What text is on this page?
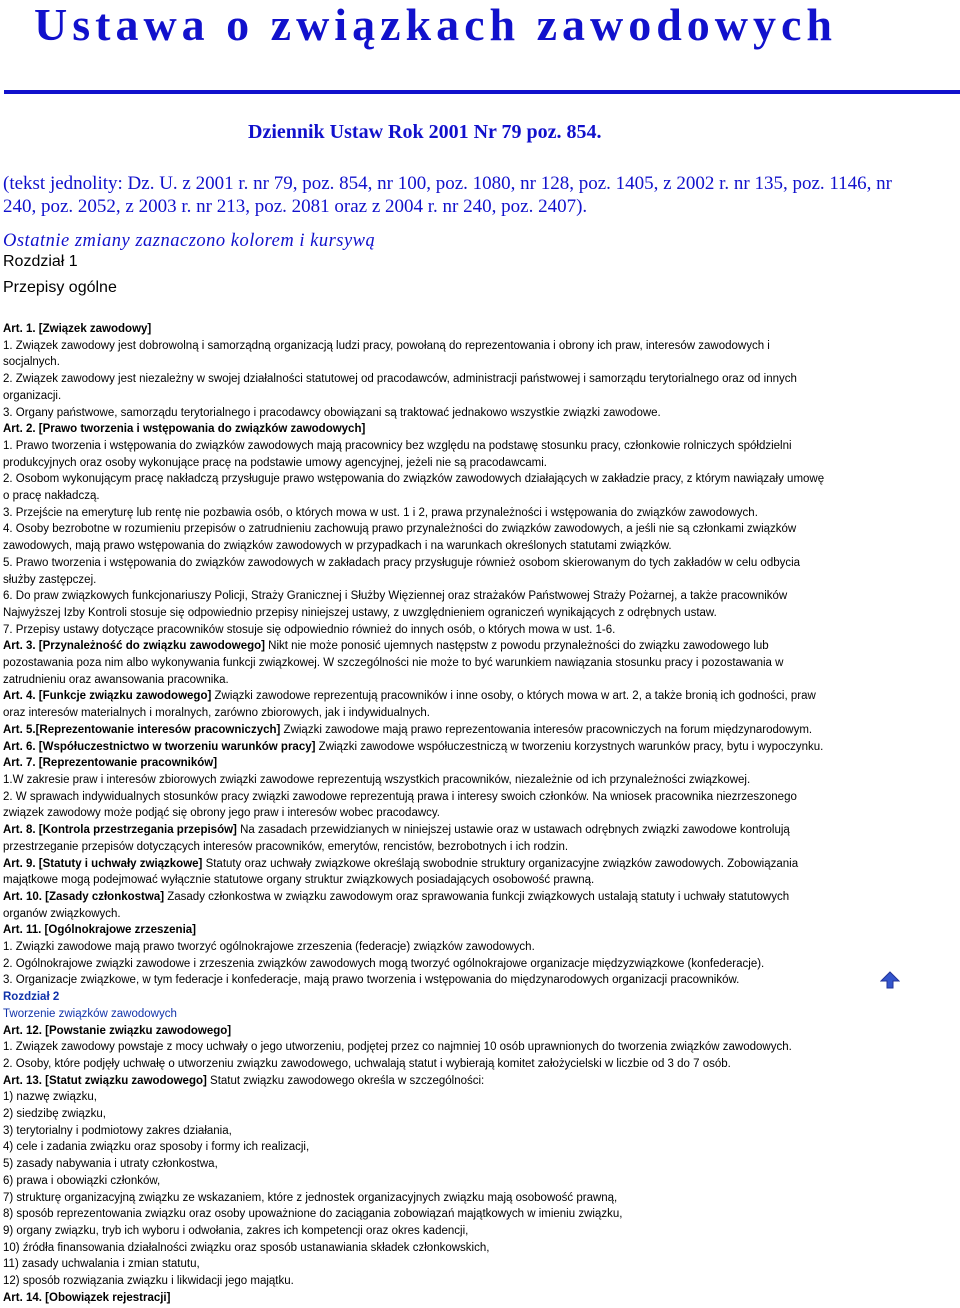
Ustawa o związkach zawodowych
Dziennik Ustaw Rok 2001 Nr 79 poz. 854.
(tekst jednolity: Dz. U. z 2001 r. nr 79, poz. 854, nr 100, poz. 1080, nr 128, poz. 1405, z 2002 r. nr 135, poz. 1146, nr 240, poz. 2052, z 2003 r. nr 213, poz. 2081 oraz z 2004 r. nr 240, poz. 2407).
Ostatnie zmiany zaznaczono kolorem i kursywą
Rozdział 1
Przepisy ogólne
Art. 1. [Związek zawodowy]
1. Związek zawodowy jest dobrowolną i samorządną organizacją ludzi pracy, powołaną do reprezentowania i obrony ich praw, interesów zawodowych i
socjalnych.
2. Związek zawodowy jest niezależny w swojej działalności statutowej od pracodawców, administracji państwowej i samorządu terytorialnego oraz od innych
organizacji.
3. Organy państwowe, samorządu terytorialnego i pracodawcy obowiązani są traktować jednakowo wszystkie związki zawodowe.
Art. 2. [Prawo tworzenia i wstępowania do związków zawodowych]
1. Prawo tworzenia i wstępowania do związków zawodowych mają pracownicy bez względu na podstawę stosunku pracy, członkowie rolniczych spółdzielni
produkcyjnych oraz osoby wykonujące pracę na podstawie umowy agencyjnej, jeżeli nie są pracodawcami.
2. Osobom wykonującym pracę nakładczą przysługuje prawo wstępowania do związków zawodowych działających w zakładzie pracy, z którym nawiązały umowę
o pracę nakładczą.
3. Przejście na emeryturę lub rentę nie pozbawia osób, o których mowa w ust. 1 i 2, prawa przynależności i wstępowania do związków zawodowych.
4. Osoby bezrobotne w rozumieniu przepisów o zatrudnieniu zachowują prawo przynależności do związków zawodowych, a jeśli nie są członkami związków
zawodowych, mają prawo wstępowania do związków zawodowych w przypadkach i na warunkach określonych statutami związków.
5. Prawo tworzenia i wstępowania do związków zawodowych w zakładach pracy przysługuje również osobom skierowanym do tych zakładów w celu odbycia
służby zastępczej.
6. Do praw związkowych funkcjonariuszy Policji, Straży Granicznej i Służby Więziennej oraz strażaków Państwowej Straży Pożarnej, a także pracowników
Najwyższej Izby Kontroli stosuje się odpowiednio przepisy niniejszej ustawy, z uwzględnieniem ograniczeń wynikających z odrębnych ustaw.
7. Przepisy ustawy dotyczące pracowników stosuje się odpowiednio również do innych osób, o których mowa w ust. 1-6.
Art. 3. [Przynależność do związku zawodowego] Nikt nie może ponosić ujemnych następstw z powodu przynależności do związku zawodowego lub
pozostawania poza nim albo wykonywania funkcji związkowej. W szczególności nie może to być warunkiem nawiązania stosunku pracy i pozostawania w
zatrudnieniu oraz awansowania pracownika.
Art. 4. [Funkcje związku zawodowego] Związki zawodowe reprezentują pracowników i inne osoby, o których mowa w art. 2, a także bronią ich godności, praw
oraz interesów materialnych i moralnych, zarówno zbiorowych, jak i indywidualnych.
Art. 5.[Reprezentowanie interesów pracowniczych] Związki zawodowe mają prawo reprezentowania interesów pracowniczych na forum międzynarodowym.
Art. 6. [Współuczestnictwo w tworzeniu warunków pracy] Związki zawodowe współuczestniczą w tworzeniu korzystnych warunków pracy, bytu i wypoczynku.
Art. 7. [Reprezentowanie pracowników]
1.W zakresie praw i interesów zbiorowych związki zawodowe reprezentują wszystkich pracowników, niezależnie od ich przynależności związkowej.
2. W sprawach indywidualnych stosunków pracy związki zawodowe reprezentują prawa i interesy swoich członków. Na wniosek pracownika niezrzeszonego
związek zawodowy może podjąć się obrony jego praw i interesów wobec pracodawcy.
Art. 8. [Kontrola przestrzegania przepisów] Na zasadach przewidzianych w niniejszej ustawie oraz w ustawach odrębnych związki zawodowe kontrolują
przestrzeganie przepisów dotyczących interesów pracowników, emerytów, rencistów, bezrobotnych i ich rodzin.
Art. 9. [Statuty i uchwały związkowe] Statuty oraz uchwały związkowe określają swobodnie struktury organizacyjne związków zawodowych. Zobowiązania
majątkowe mogą podejmować wyłącznie statutowe organy struktur związkowych posiadających osobowość prawną.
Art. 10. [Zasady członkostwa] Zasady członkostwa w związku zawodowym oraz sprawowania funkcji związkowych ustalają statuty i uchwały statutowych
organów związkowych.
Art. 11. [Ogólnokrajowe zrzeszenia]
1. Związki zawodowe mają prawo tworzyć ogólnokrajowe zrzeszenia (federacje) związków zawodowych.
2. Ogólnokrajowe związki zawodowe i zrzeszenia związków zawodowych mogą tworzyć ogólnokrajowe organizacje międzyzwiązkowe (konfederacje).
3. Organizacje związkowe, w tym federacje i konfederacje, mają prawo tworzenia i wstępowania do międzynarodowych organizacji pracowników.
Rozdział 2
Tworzenie związków zawodowych
Art. 12. [Powstanie związku zawodowego]
1. Związek zawodowy powstaje z mocy uchwały o jego utworzeniu, podjętej przez co najmniej 10 osób uprawnionych do tworzenia związków zawodowych.
2. Osoby, które podjęły uchwałę o utworzeniu związku zawodowego, uchwalają statut i wybierają komitet założycielski w liczbie od 3 do 7 osób.
Art. 13. [Statut związku zawodowego] Statut związku zawodowego określa w szczególności:
1) nazwę związku,
2) siedzibę związku,
3) terytorialny i podmiotowy zakres działania,
4) cele i zadania związku oraz sposoby i formy ich realizacji,
5) zasady nabywania i utraty członkostwa,
6) prawa i obowiązki członków,
7) strukturę organizacyjną związku ze wskazaniem, które z jednostek organizacyjnych związku mają osobowość prawną,
8) sposób reprezentowania związku oraz osoby upoważnione do zaciągania zobowiązań majątkowych w imieniu związku,
9) organy związku, tryb ich wyboru i odwołania, zakres ich kompetencji oraz okres kadencji,
10) źródła finansowania działalności związku oraz sposób ustanawiania składek członkowskich,
11) zasady uchwalania i zmian statutu,
12) sposób rozwiązania związku i likwidacji jego majątku.
Art. 14. [Obowiązek rejestracji]
